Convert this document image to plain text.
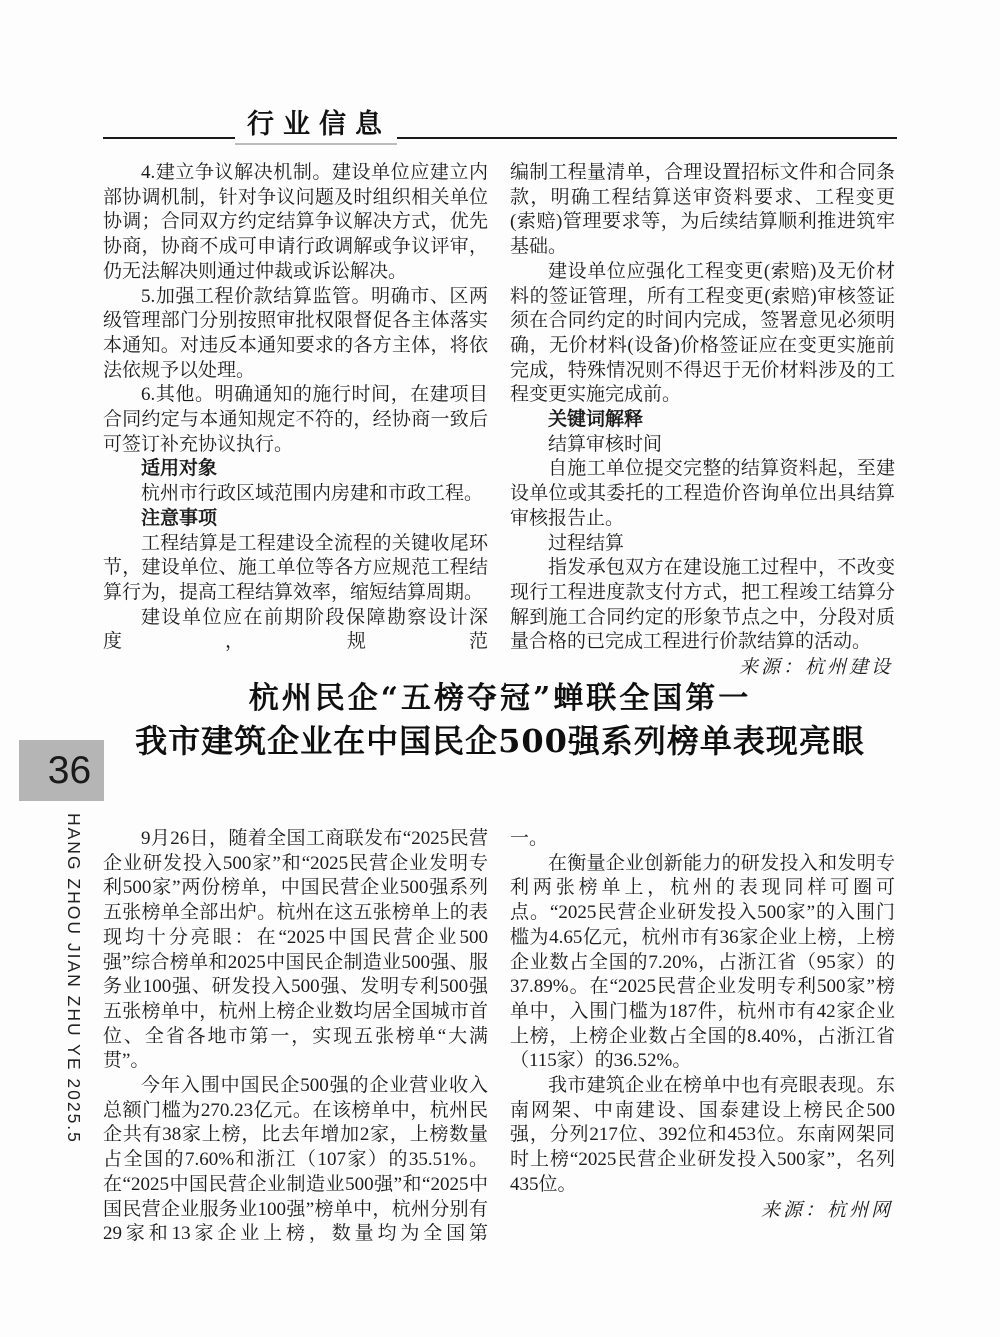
行业信息

4.建立争议解决机制。建设单位应建立内部协调机制，针对争议问题及时组织相关单位协调；合同双方约定结算争议解决方式，优先协商，协商不成可申请行政调解或争议评审，仍无法解决则通过仲裁或诉讼解决。

5.加强工程价款结算监管。明确市、区两级管理部门分别按照审批权限督促各主体落实本通知。对违反本通知要求的各方主体，将依法依规予以处理。

6.其他。明确通知的施行时间，在建项目合同约定与本通知规定不符的，经协商一致后可签订补充协议执行。

适用对象

杭州市行政区域范围内房建和市政工程。

注意事项

工程结算是工程建设全流程的关键收尾环节，建设单位、施工单位等各方应规范工程结算行为，提高工程结算效率，缩短结算周期。

建设单位应在前期阶段保障勘察设计深度，规范

编制工程量清单，合理设置招标文件和合同条款，明确工程结算送审资料要求、工程变更(索赔)管理要求等，为后续结算顺利推进筑牢基础。

建设单位应强化工程变更(索赔)及无价材料的签证管理，所有工程变更(索赔)审核签证须在合同约定的时间内完成，签署意见必须明确，无价材料(设备)价格签证应在变更实施前完成，特殊情况则不得迟于无价材料涉及的工程变更实施完成前。

关键词解释

结算审核时间

自施工单位提交完整的结算资料起，至建设单位或其委托的工程造价咨询单位出具结算审核报告止。

过程结算

指发承包双方在建设施工过程中，不改变现行工程进度款支付方式，把工程竣工结算分解到施工合同约定的形象节点之中，分段对质量合格的已完成工程进行价款结算的活动。

来源：杭州建设

杭州民企“五榜夺冠”蝉联全国第一
我市建筑企业在中国民企500强系列榜单表现亮眼
36
HANG ZHOU JIAN ZHU YE 2025.5	9月26日，随着全国工商联发布“2025民营企业研发投入500家”和“2025民营企业发明专利500家”两份榜单，中国民营企业500强系列五张榜单全部出炉。杭州在这五张榜单上的表现均十分亮眼：在“2025中国民营企业500强”综合榜单和2025中国民企制造业500强、服务业100强、研发投入500强、发明专利500强五张榜单中，杭州上榜企业数均居全国城市首位、全省各地市第一，实现五张榜单“大满贯”。

今年入围中国民企500强的企业营业收入总额门槛为270.23亿元。在该榜单中，杭州民企共有38家上榜，比去年增加2家，上榜数量占全国的7.60%和浙江（107家）的35.51%。在“2025中国民营企业制造业500强”和“2025中国民营企业服务业100强”榜单中，杭州分别有29家和13家企业上榜，数量均为全国第

一。

在衡量企业创新能力的研发投入和发明专利两张榜单上，杭州的表现同样可圈可点。“2025民营企业研发投入500家”的入围门槛为4.65亿元，杭州市有36家企业上榜，上榜企业数占全国的7.20%，占浙江省（95家）的37.89%。在“2025民营企业发明专利500家”榜单中，入围门槛为187件，杭州市有42家企业上榜，上榜企业数占全国的8.40%，占浙江省（115家）的36.52%。

我市建筑企业在榜单中也有亮眼表现。东南网架、中南建设、国泰建设上榜民企500强，分列217位、392位和453位。东南网架同时上榜“2025民营企业研发投入500家”，名列435位。

来源：杭州网
